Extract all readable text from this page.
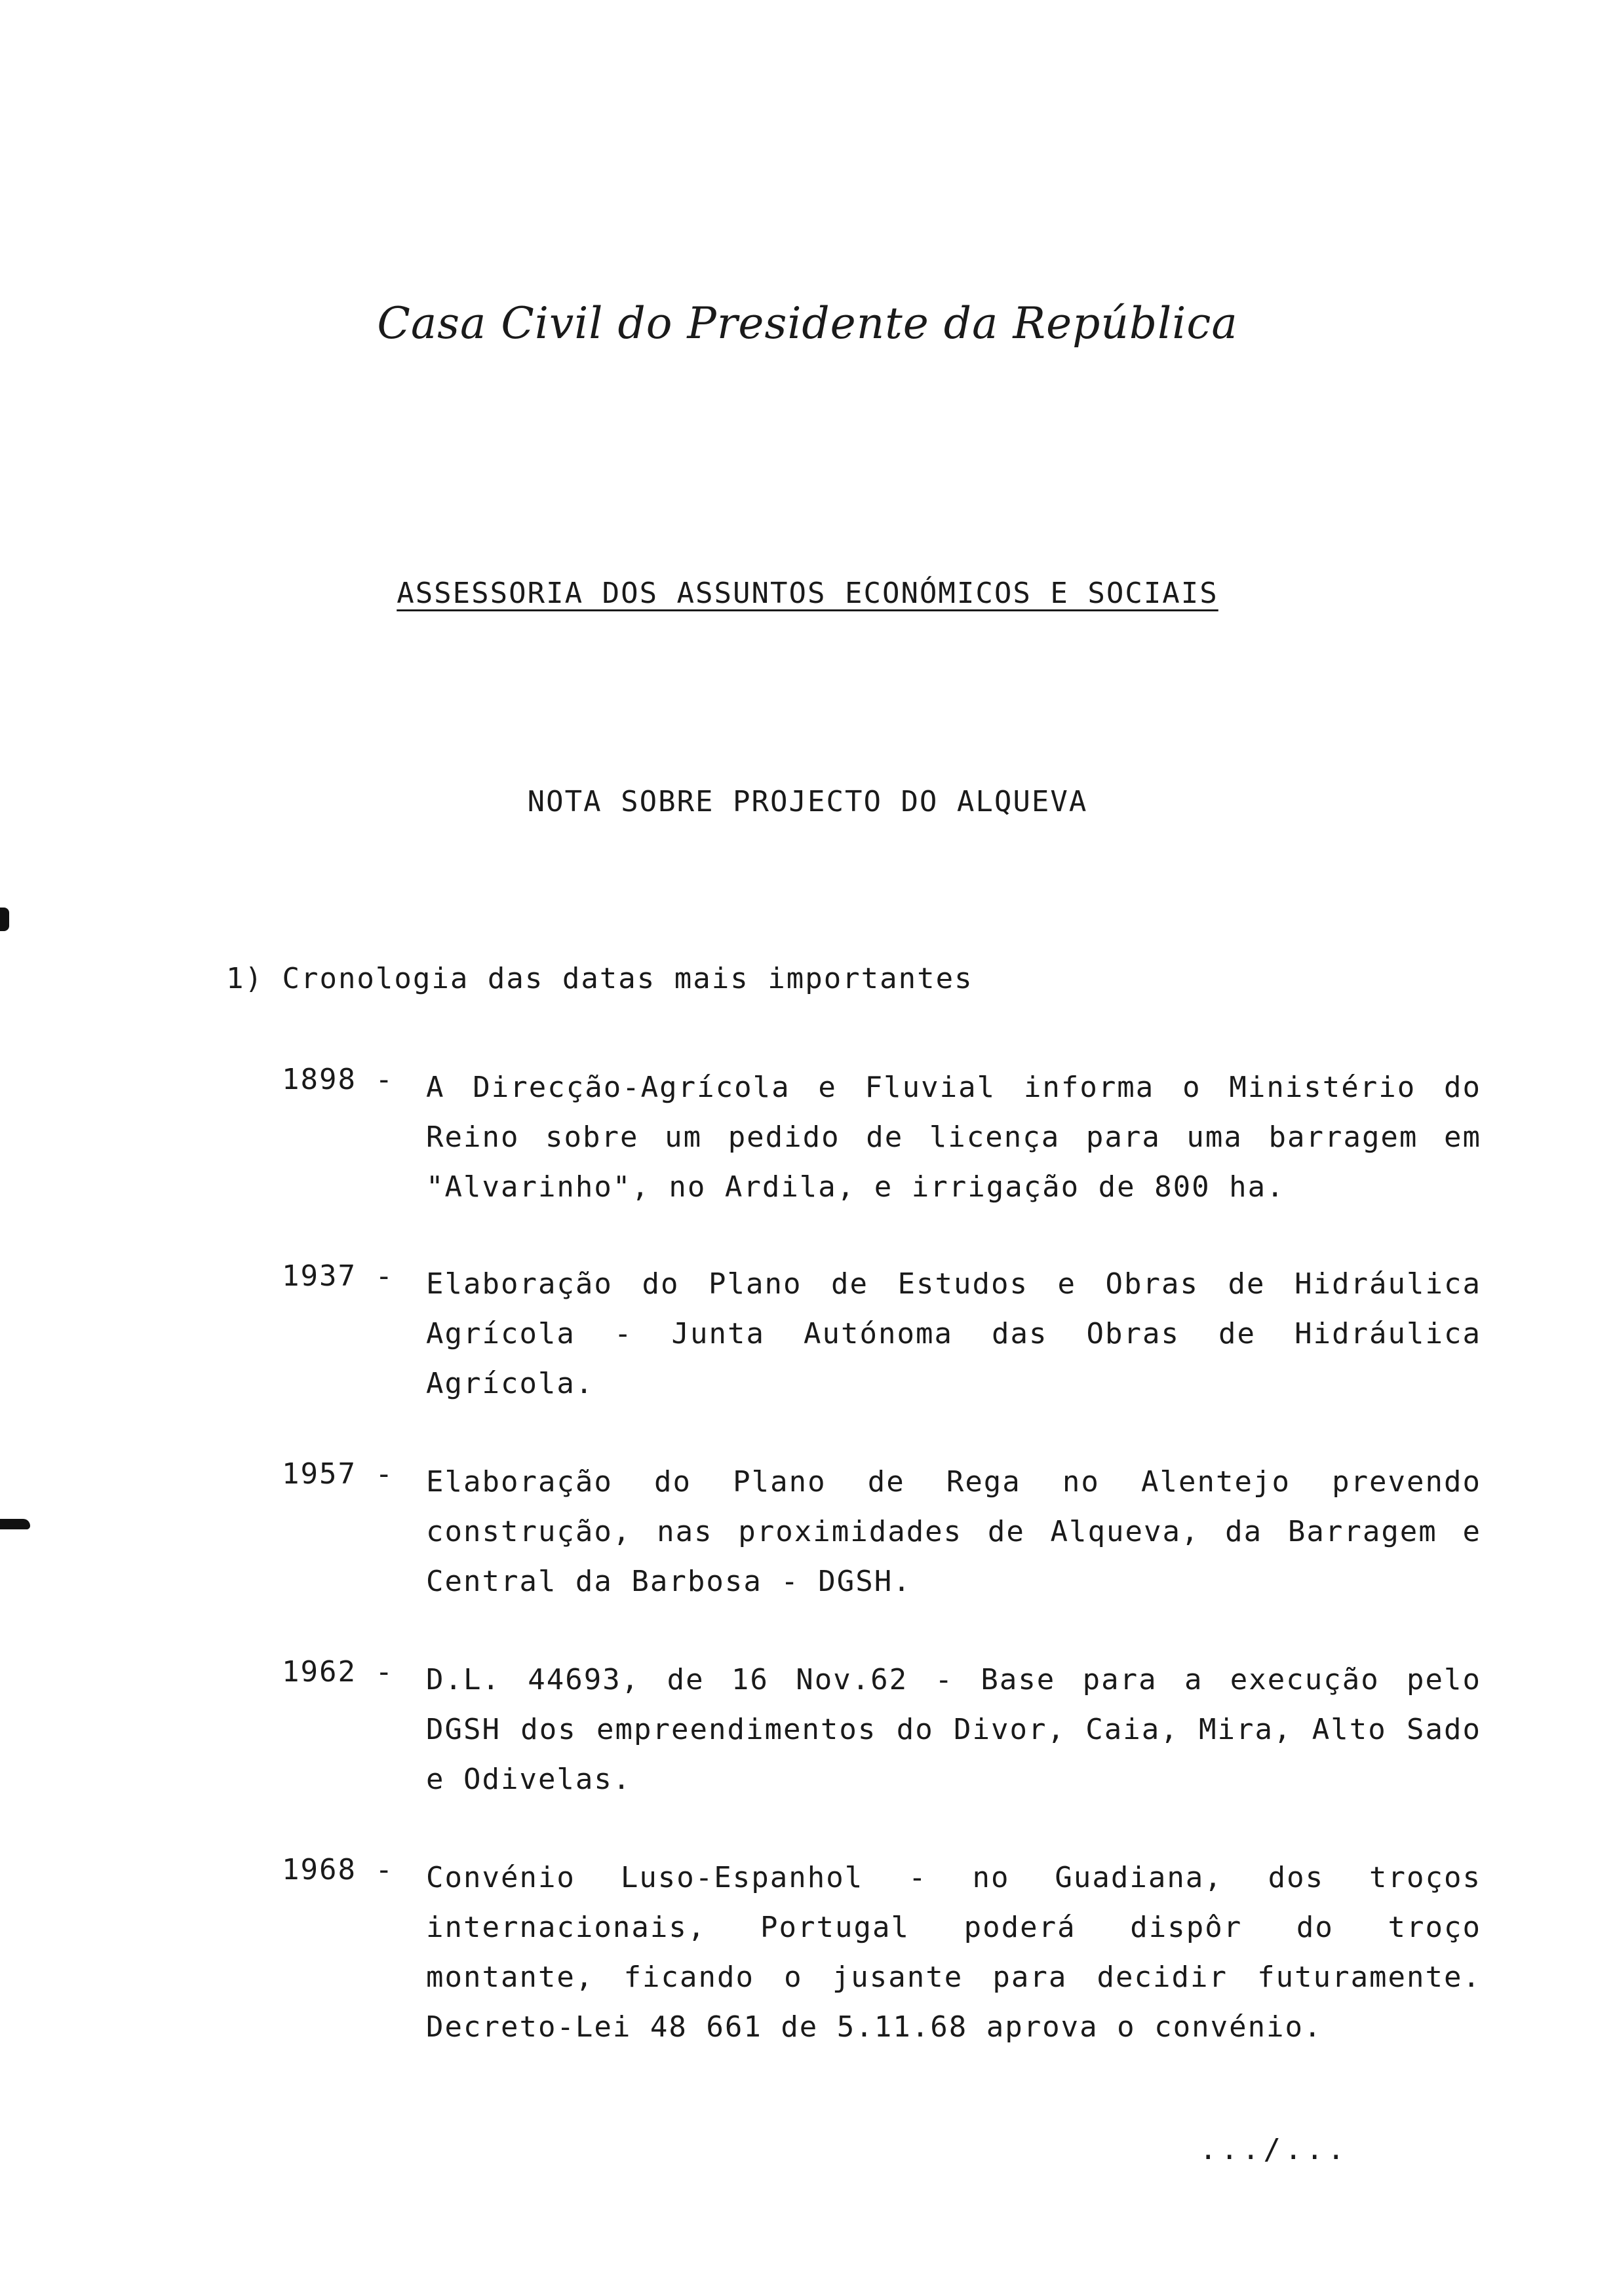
Casa Civil do Presidente da República
ASSESSORIA DOS ASSUNTOS ECONÓMICOS E SOCIAIS
NOTA SOBRE PROJECTO DO ALQUEVA
1) Cronologia das datas mais importantes
1898 - A Direcção-Agrícola e Fluvial informa o Ministério do Reino sobre um pedido de licença para uma barragem em "Alvarinho", no Ardila, e irrigação de 800 ha.
1937 - Elaboração do Plano de Estudos e Obras de Hidráulica Agrícola - Junta Autónoma das Obras de Hidráulica Agrícola.
1957 - Elaboração do Plano de Rega no Alentejo prevendo construção, nas proximidades de Alqueva, da Barragem e Central da Barbosa - DGSH.
1962 - D.L. 44693, de 16 Nov.62 - Base para a execução pelo DGSH dos empreendimentos do Divor, Caia, Mira, Alto Sado e Odivelas.
1968 - Convénio Luso-Espanhol - no Guadiana, dos troços internacionais, Portugal poderá dispôr do troço montante, ficando o jusante para decidir futuramente. Decreto-Lei 48 661 de 5.11.68 aprova o convénio.
.../...
